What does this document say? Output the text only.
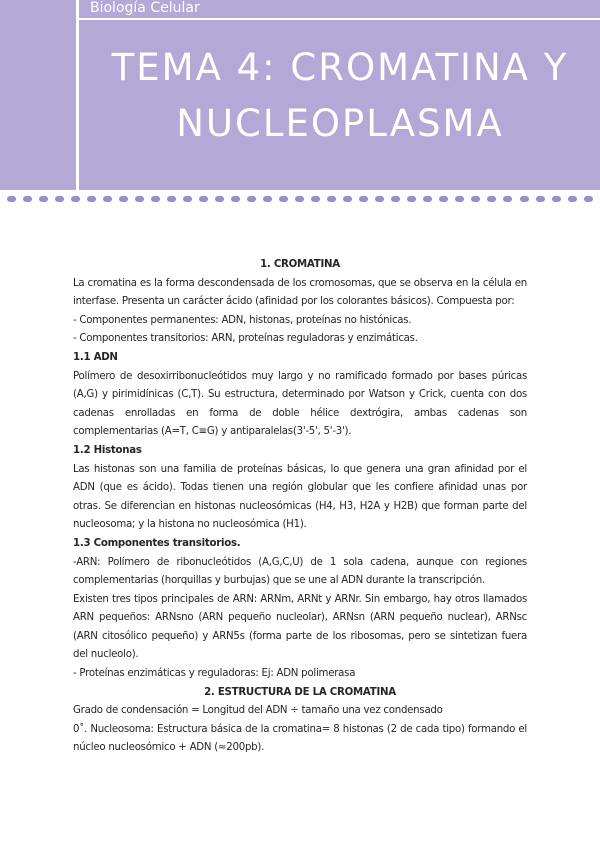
Biología Celular
TEMA 4: CROMATINA Y
NUCLEOPLASMA

1. CROMATINA

La cromatina es la forma descondensada de los cromosomas, que se observa en la célula en interfase. Presenta un carácter ácido (afinidad por los colorantes básicos). Compuesta por:

- Componentes permanentes: ADN, histonas, proteínas no histónicas.

- Componentes transitorios: ARN, proteínas reguladoras y enzimáticas.

1.1 ADN

Polímero de desoxirribonucleótidos muy largo y no ramificado formado por bases púricas (A,G) y pirimidínicas (C,T). Su estructura, determinado por Watson y Crick, cuenta con dos cadenas enrolladas en forma de doble hélice dextrógira, ambas cadenas son complementarias (A=T, C≡G) y antiparalelas(3'-5', 5'-3').

1.2 Histonas

Las histonas son una familia de proteínas básicas, lo que genera una gran afinidad por el ADN (que es ácido). Todas tienen una región globular que les confiere afinidad unas por otras. Se diferencian en histonas nucleosómicas (H4, H3, H2A y H2B) que forman parte del nucleosoma; y la histona no nucleosómica (H1).

1.3 Componentes transitorios.

-ARN: Polímero de ribonucleótidos (A,G,C,U) de 1 sola cadena, aunque con regiones complementarias (horquillas y burbujas) que se une al ADN durante la transcripción.

Existen tres tipos principales de ARN: ARNm, ARNt y ARNr. Sin embargo, hay otros llamados ARN pequeños: ARNsno (ARN pequeño nucleolar), ARNsn (ARN pequeño nuclear), ARNsc (ARN citosólico pequeño) y ARN5s (forma parte de los ribosomas, pero se sintetizan fuera del nucleolo).

- Proteínas enzimáticas y reguladoras: Ej: ADN polimerasa

2. ESTRUCTURA DE LA CROMATINA

Grado de condensación = Longitud del ADN ÷ tamaño una vez condensado

0˚. Nucleosoma: Estructura básica de la cromatina= 8 histonas (2 de cada tipo) formando el núcleo nucleosómico + ADN (≈200pb).
